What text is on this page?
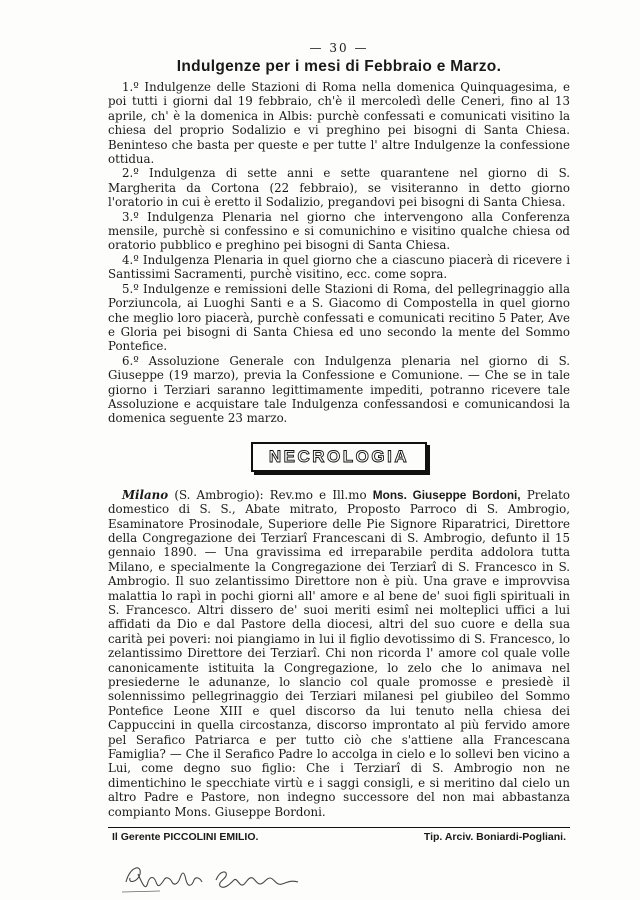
— 30 —
Indulgenze per i mesi di Febbraio e Marzo.

1.º Indulgenze delle Stazioni di Roma nella domenica Quinquagesima, e poi tutti i giorni dal 19 febbraio, ch'è il mercoledì delle Ceneri, fino al 13 aprile, ch' è la domenica in Albis: purchè confessati e comunicati visitino la chiesa del proprio Sodalizio e vi preghino pei bisogni di Santa Chiesa. Beninteso che basta per queste e per tutte l' altre Indulgenze la confessione ottidua.

2.º Indulgenza di sette anni e sette quarantene nel giorno di S. Margherita da Cortona (22 febbraio), se visiteranno in detto giorno l'oratorio in cui è eretto il Sodalizio, pregandovi pei bisogni di Santa Chiesa.

3.º Indulgenza Plenaria nel giorno che intervengono alla Conferenza mensile, purchè si confessino e si comunichino e visitino qualche chiesa od oratorio pubblico e preghino pei bisogni di Santa Chiesa.

4.º Indulgenza Plenaria in quel giorno che a ciascuno piacerà di ricevere i Santissimi Sacramenti, purchè visitino, ecc. come sopra.

5.º Indulgenze e remissioni delle Stazioni di Roma, del pellegrinaggio alla Porziuncola, ai Luoghi Santi e a S. Giacomo di Compostella in quel giorno che meglio loro piacerà, purchè confessati e comunicati recitino 5 Pater, Ave e Gloria pei bisogni di Santa Chiesa ed uno secondo la mente del Sommo Pontefice.

6.º Assoluzione Generale con Indulgenza plenaria nel giorno di S. Giuseppe (19 marzo), previa la Confessione e Comunione. — Che se in tale giorno i Terziari saranno legittimamente impediti, potranno ricevere tale Assoluzione e acquistare tale Indulgenza confessandosi e comunicandosi la domenica seguente 23 marzo.

NECROLOGIA

Milano (S. Ambrogio): Rev.mo e Ill.mo Mons. Giuseppe Bordoni, Prelato domestico di S. S., Abate mitrato, Proposto Parroco di S. Ambrogio, Esaminatore Prosinodale, Superiore delle Pie Signore Riparatrici, Direttore della Congregazione dei Terziarî Francescani di S. Ambrogio, defunto il 15 gennaio 1890. — Una gravissima ed irreparabile perdita addolora tutta Milano, e specialmente la Congregazione dei Terziarî di S. Francesco in S. Ambrogio. Il suo zelantissimo Direttore non è più. Una grave e improvvisa malattia lo rapì in pochi giorni all' amore e al bene de' suoi figli spirituali in S. Francesco. Altri dissero de' suoi meriti esimî nei molteplici uffici a lui affidati da Dio e dal Pastore della diocesi, altri del suo cuore e della sua carità pei poveri: noi piangiamo in lui il figlio devotissimo di S. Francesco, lo zelantissimo Direttore dei Terziarî. Chi non ricorda l' amore col quale volle canonicamente istituita la Congregazione, lo zelo che lo animava nel presiederne le adunanze, lo slancio col quale promosse e presiedè il solennissimo pellegrinaggio dei Terziari milanesi pel giubileo del Sommo Pontefice Leone XIII e quel discorso da lui tenuto nella chiesa dei Cappuccini in quella circostanza, discorso improntato al più fervido amore pel Serafico Patriarca e per tutto ciò che s'attiene alla Francescana Famiglia? — Che il Serafico Padre lo accolga in cielo e lo sollevi ben vicino a Lui, come degno suo figlio: Che i Terziarî di S. Ambrogio non ne dimentichino le specchiate virtù e i saggi consigli, e si meritino dal cielo un altro Padre e Pastore, non indegno successore del non mai abbastanza compianto Mons. Giuseppe Bordoni.

Il Gerente PICCOLINI EMILIO.	Tip. Arciv. Boniardi-Pogliani.
